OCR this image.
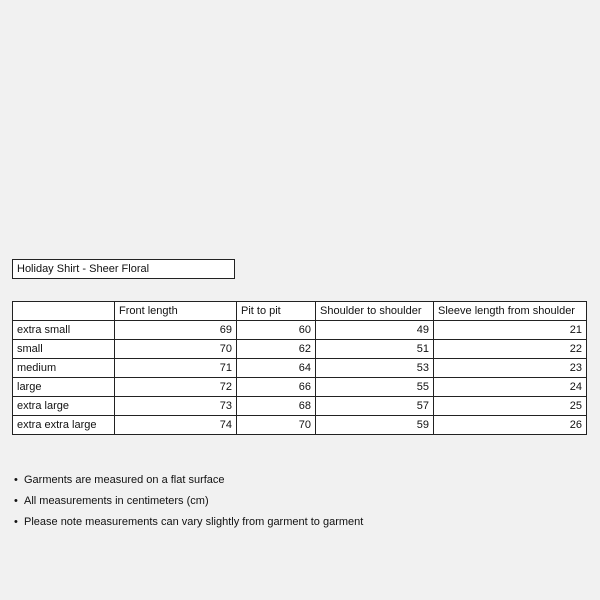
Holiday Shirt - Sheer Floral
	Front length	Pit to pit	Shoulder to shoulder	Sleeve length from shoulder
extra small	69	60	49	21
small	70	62	51	22
medium	71	64	53	23
large	72	66	55	24
extra large	73	68	57	25
extra extra large	74	70	59	26
• Garments are measured on a flat surface
• All measurements in centimeters (cm)
• Please note measurements can vary slightly from garment to garment
